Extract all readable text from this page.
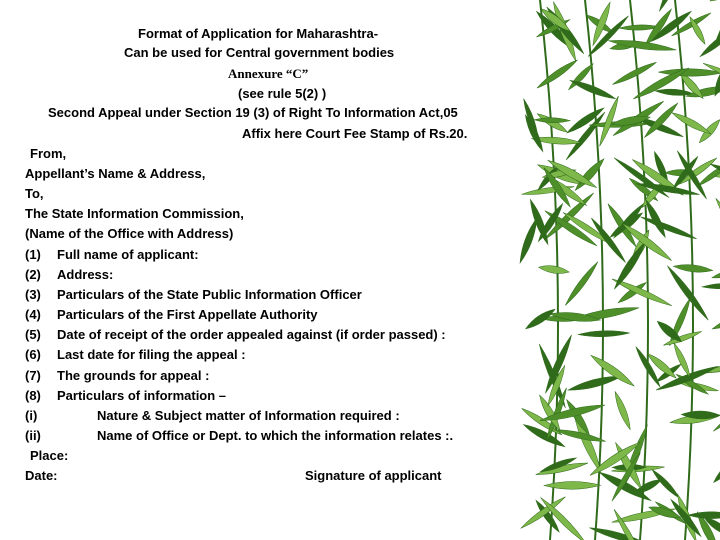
Format of Application for Maharashtra-
Can be used for Central government bodies
Annexure “C”
(see rule 5(2) )
Second Appeal under Section 19 (3) of Right To Information Act,05
Affix here Court Fee Stamp of Rs.20.
From,
Appellant’s Name & Address,
To,
The State Information Commission,
(Name of the Office with Address)
(1) Full name of applicant:
(2) Address:
(3) Particulars of the State Public Information Officer
(4) Particulars of the First Appellate Authority
(5) Date of receipt of the order appealed against (if order passed) :
(6) Last date for filing the appeal :
(7) The grounds for appeal :
(8) Particulars of information –
(i)	Nature & Subject matter of Information required :
(ii)	Name of Office or Dept. to which the information relates :.
Place:
Date:	Signature of applicant
